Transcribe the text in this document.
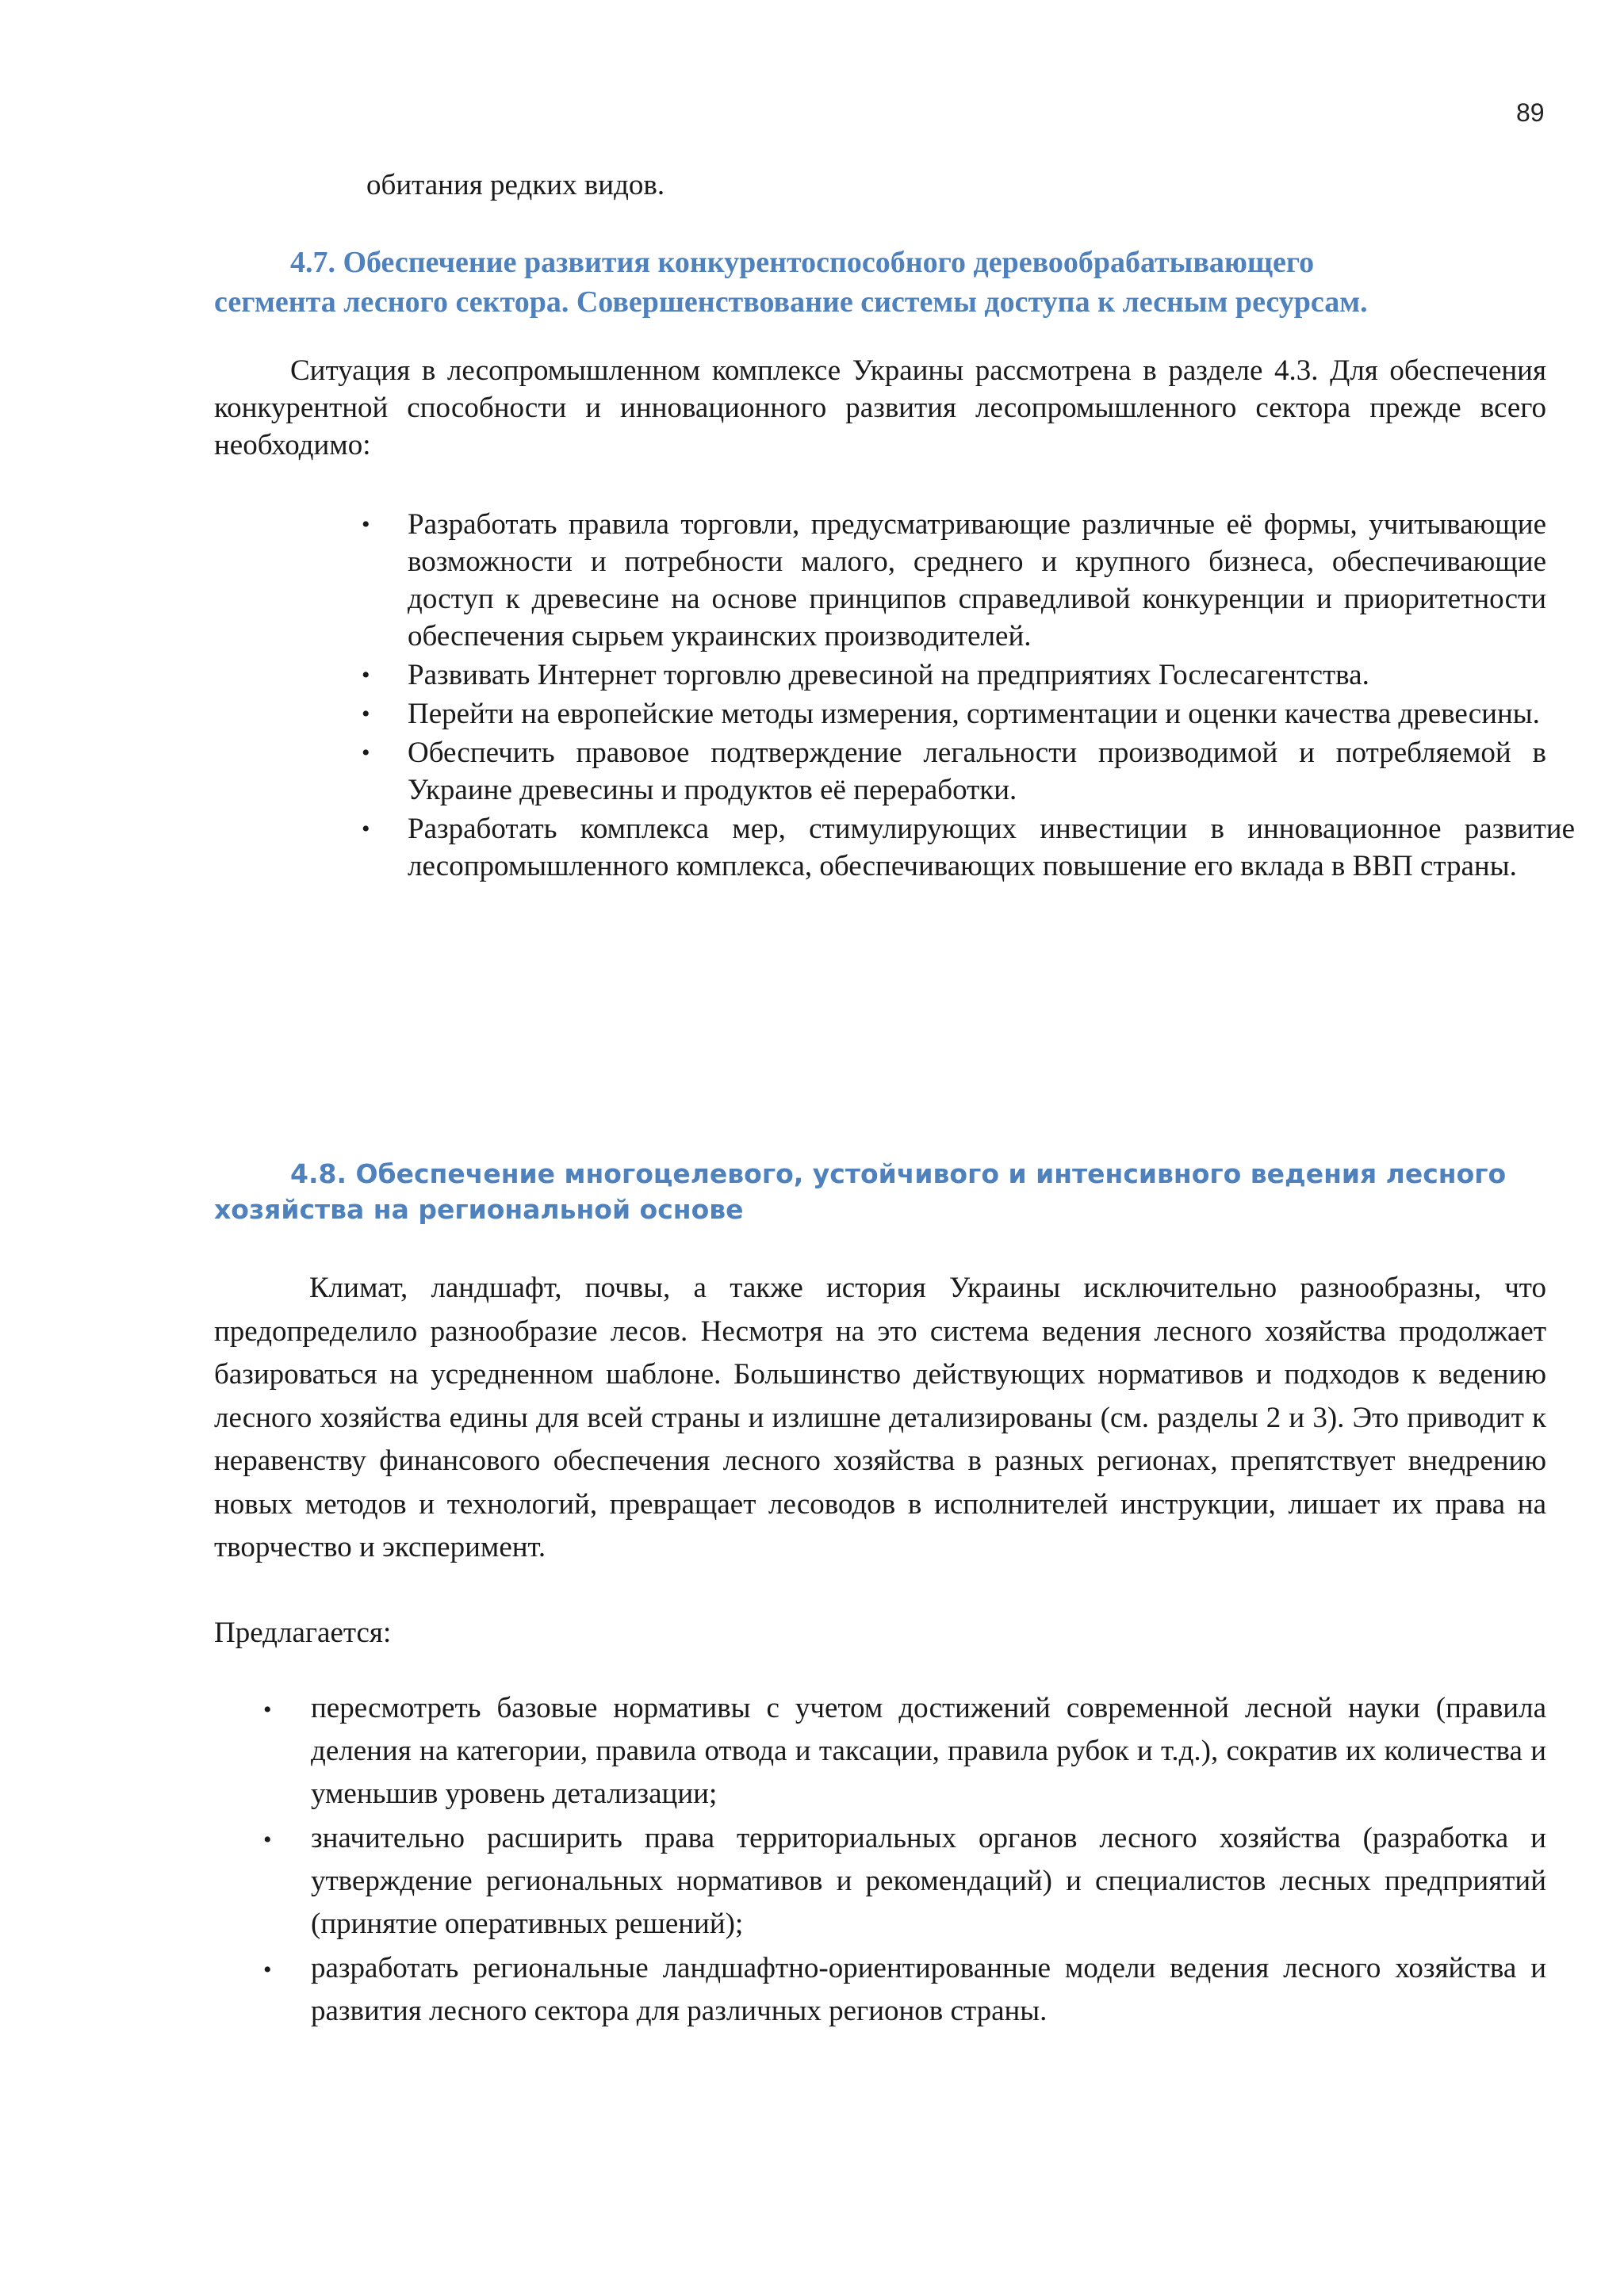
89
обитания редких видов.
4.7. Обеспечение развития конкурентоспособного деревообрабатывающего
сегмента лесного сектора. Совершенствование системы доступа к лесным ресурсам.
Ситуация в лесопромышленном комплексе Украины рассмотрена в разделе 4.3. Для обеспечения конкурентной способности и инновационного развития лесопромышленного сектора прежде всего необходимо:
• Разработать правила торговли, предусматривающие различные её формы, учитывающие возможности и потребности малого, среднего и крупного бизнеса, обеспечивающие доступ к древесине на основе принципов справедливой конкуренции и приоритетности обеспечения сырьем украинских производителей.
• Развивать Интернет торговлю древесиной на предприятиях Гослесагентства.
• Перейти на европейские методы измерения, сортиментации и оценки качества древесины.
• Обеспечить правовое подтверждение легальности производимой и потребляемой в Украине древесины и продуктов её переработки.
• Разработать комплекса мер, стимулирующих инвестиции в инновационное развитие лесопромышленного комплекса, обеспечивающих повышение его вклада в ВВП страны.
4.8. Обеспечение многоцелевого, устойчивого и интенсивного ведения лесного
хозяйства на региональной основе
Климат, ландшафт, почвы, а также история Украины исключительно разнообразны, что предопределило разнообразие лесов. Несмотря на это система ведения лесного хозяйства продолжает базироваться на усредненном шаблоне. Большинство действующих нормативов и подходов к ведению лесного хозяйства едины для всей страны и излишне детализированы (см. разделы 2 и 3). Это приводит к неравенству финансового обеспечения лесного хозяйства в разных регионах, препятствует внедрению новых методов и технологий, превращает лесоводов в исполнителей инструкции, лишает их права на творчество и эксперимент.
Предлагается:
• пересмотреть базовые нормативы с учетом достижений современной лесной науки (правила деления на категории, правила отвода и таксации, правила рубок и т.д.), сократив их количества и уменьшив уровень детализации;
• значительно расширить права территориальных органов лесного хозяйства (разработка и утверждение региональных нормативов и рекомендаций) и специалистов лесных предприятий (принятие оперативных решений);
• разработать региональные ландшафтно-ориентированные модели ведения лесного хозяйства и развития лесного сектора для различных регионов страны.
